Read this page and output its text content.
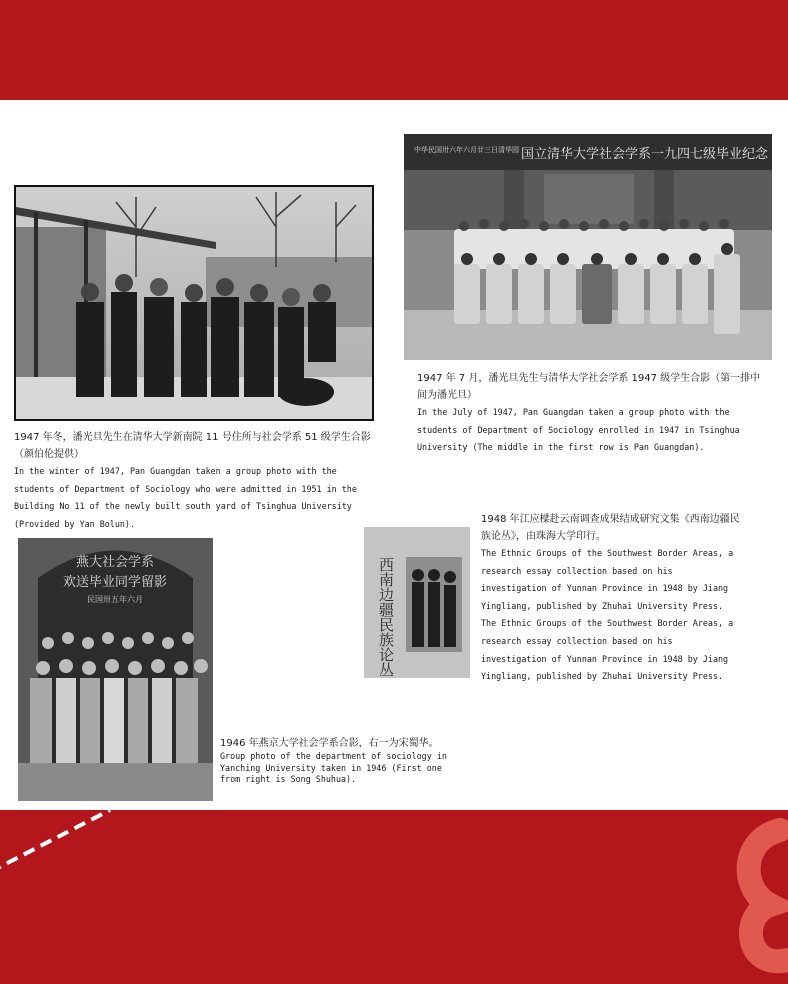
1947 年冬，潘光旦先生在清华大学新南院 11 号住所与社会学系 51 级学生合影（颜伯伦提供）

In the winter of 1947, Pan Guangdan taken a group photo with the students of Department of Sociology who were admitted in 1951 in the Building No 11 of the newly built south yard of Tsinghua University (Provided by Yan Bolun).

国立清华大学社会学系一九四七级毕业纪念
中华民国卅六年六月廿三日清华园

1947 年 7 月，潘光旦先生与清华大学社会学系 1947 级学生合影（第一排中间为潘光旦）

In the July of 1947, Pan Guangdan taken a group photo with the students of Department of Sociology enrolled in 1947 in Tsinghua University (The middle in the first row is Pan Guangdan).

西南边疆民族论丛

1948 年江应樑赴云南调查成果结成研究文集《西南边疆民族论丛》，由珠海大学印行。

The Ethnic Groups of the Southwest Border Areas, a research essay collection based on his investigation of Yunnan Province in 1948 by Jiang Yingliang, published by Zhuhai University Press. The Ethnic Groups of the Southwest Border Areas, a research essay collection based on his investigation of Yunnan Province in 1948 by Jiang Yingliang, published by Zhuhai University Press.

燕大社会学系
欢送毕业同学留影
民国卅五年六月

1946 年燕京大学社会学系合影，右一为宋蜀华。

Group photo of the department of sociology in Yanching University taken in 1946 (First one from right is Song Shuhua).
